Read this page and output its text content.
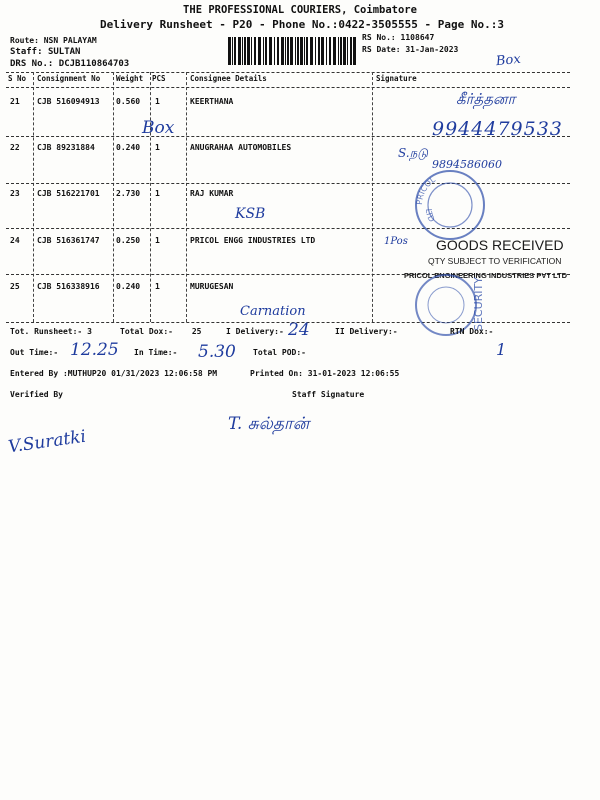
THE PROFESSIONAL COURIERS, Coimbatore
Delivery Runsheet - P20 - Phone No.:0422-3505555 - Page No.:3
Route: NSN PALAYAM
Staff: SULTAN
DRS No.: DCJB110864703
RS No.: 1108647
RS Date: 31-Jan-2023
Box
S No Consignment No Weight PCS	Consignee Details	Signature
21 CJB 516094913 0.560 1	KEERTHANA
22 CJB 89231884	0.240 1	ANUGRAHAA AUTOMOBILES
23 CJB 516221701 2.730 1	RAJ KUMAR
24 CJB 516361747 0.250 1	PRICOL ENGG INDUSTRIES LTD
25 CJB 516338916 0.240 1	MURUGESAN
Box
கீர்த்தனா
9944479533
S.நடு
9894586060
KSB
1Pos
Carnation
PRICOL
LTD
GOODS RECEIVED
QTY SUBJECT TO VERIFICATION
PRICOL ENGINEERING INDUSTRIES PVT LTD
SECURITY
Tot. Runsheet:- 3	Total Dox:- 25	I Delivery:- 24	II Delivery:-	RTN Dox:-
1
Out Time:- 12.25 In Time:- 5.30 Total POD:-
Entered By :MUTHUP20 01/31/2023 12:06:58 PM	Printed On: 31-01-2023 12:06:55
Verified By	Staff Signature
V.Suratki
T. சுல்தான்
